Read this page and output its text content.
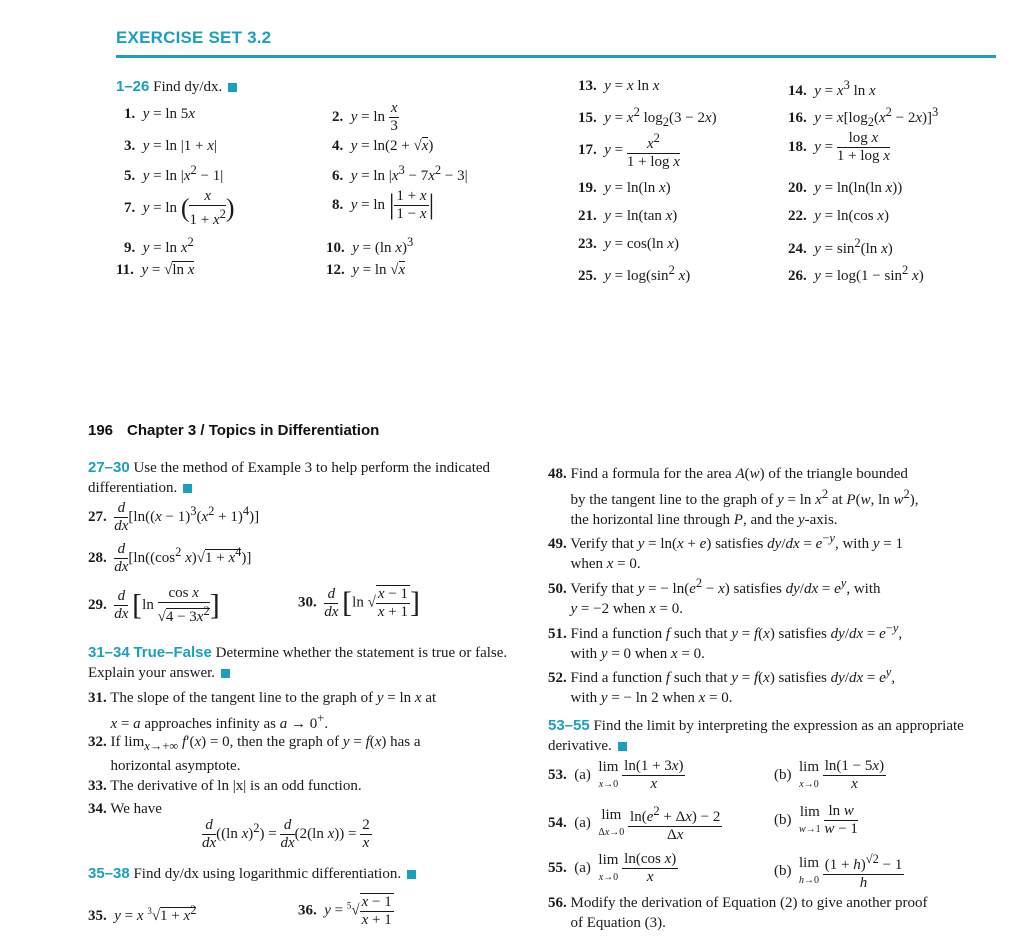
EXERCISE SET 3.2
1–26 Find dy/dx.
1. y = ln 5x	2. $y = \ln \frac{x}{3}$
3. y = ln |1 + x|	4. y = ln(2 + √x)
5. $y = \ln |x^2 - 1|$	6. $y = \ln |x^3 - 7x^2 - 3|$
7. y = ln ( $\frac{x}{1 + x^2}$ )	8. y = ln | $\frac{1 + x}{1 - x}$ |
9. $y = \ln x^2$	10. y = (ln x)$^3$
11. y = √ln x	12. y = ln √x
13. y = x ln x	14. $y = x^3$ ln x
15. $y = x^2$ $\log_2(3 - 2x)$	16. $y = x[\log_2(x^2 - 2x)]^3$
17. $y = \frac{x^2}{\text{1 + log x}}$	18. $y = \frac{\text{log x}}{\text{1 + log x}}$
19. y = ln(ln x)	20. y = ln(ln(ln x))
21. y = ln(tan x)	22. y = ln(cos x)
23. y = cos(ln x)	24. $y = \sin^2(\ln$ x)
25. $y = \log(\sin^2$ x)	26. $y = \log(1 - \sin^2 x)$
196 Chapter 3 / Topics in Differentiation
27–30 Use the method of Example 3 to help perform the indicated differentiation.
27. $\frac{d}{dx} [\ln((x - 1)^3(x^2 + 1)^4)]$
28. $\frac{d}{dx} [\ln((\cos^2$ $x)√1 + x^4$)]
29. $\frac{d}{dx} [\ln \frac{\text{cos x}}{√4 - 3x^2}$ ]	30. $\frac{d}{dx} [\ln$ √ $\frac{x - 1}{x + 1}$ ]
31–34 True–False Determine whether the statement is true or false. Explain your answer.
31. The slope of the tangent line to the graph of y = ln x at
x = a approaches infinity as a → 0+.
32. If $\lim_{x\to+\infty} f'(x) = 0$, then the graph of y = f(x) has a
horizontal asymptote.
33. The derivative of ln |x| is an odd function.
34. We have
$\frac{d}{dx} ((\ln$ $x)^2) = \frac{d}{dx} (2(\ln$ $x)) = \frac{2}{x}$
35–38 Find dy/dx using logarithmic differentiation.
35. y = x $^3√1 + x^2$	36. $y = ^5√ \frac{x - 1}{x + 1}$
48. Find a formula for the area A(w) of the triangle bounded
by the tangent line to the graph of $y = \ln x^2$ at P(w, $\ln w^2$),
the horizontal line through P, and the y-axis.
49. Verify that y = ln(x + e) satisfies $dy/dx = e^{-y}$, with y = 1
when x = 0.
50. Verify that y = − $\ln(e^2 - x)$ satisfies $dy/dx = e^y$, with
y = −2 when x = 0.
51. Find a function f such that y = f(x) satisfies $dy/dx = e^{-y}$,
with y = 0 when x = 0.
52. Find a function f such that y = f(x) satisfies $dy/dx = e^y$,
with y = − ln 2 when x = 0.
53–55 Find the limit by interpreting the expression as an appropriate derivative.
53.  (a)
lim
x→0
$\frac{\ln(1 + 3x)}{x}$	(b)
lim
x→0
$\frac{\ln(1 - 5x)}{x}$
54.  (a)
lim
Δx→0
$\frac{\ln(e^2 + \Delta x) - 2}{\Delta x}$	(b)
lim
w→1
$\frac{\text{ln w}}{w - 1}$
55.  (a)
lim
x→0
$\frac{\text{ln(cos x)}}{x}$	(b)
lim
h→0
$\frac{(1 + h)^{√2} - 1}{h}$
56. Modify the derivation of Equation (2) to give another proof
of Equation (3).
